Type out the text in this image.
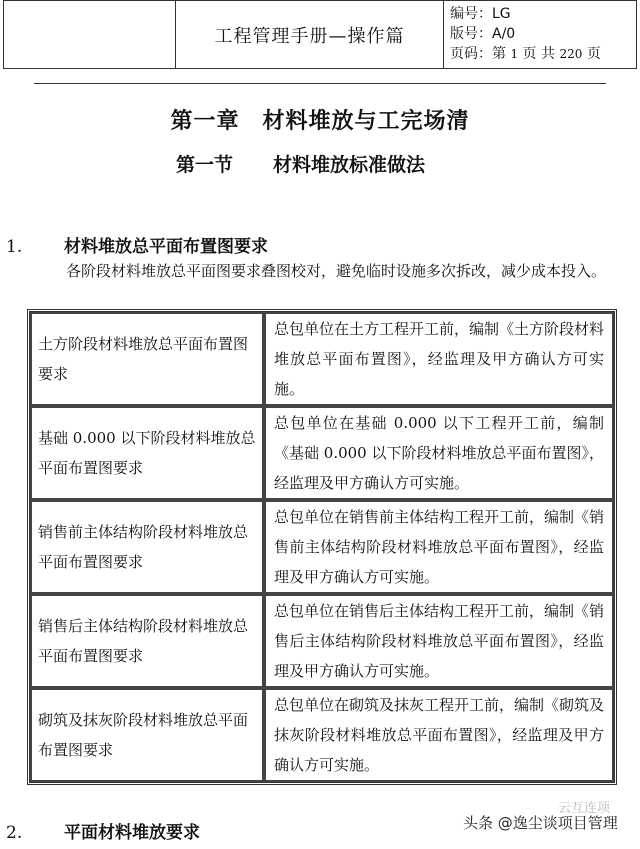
工程管理手册—操作篇
编号：LG
版号：A/0
页码：第 1 页 共 220 页
第一章　材料堆放与工完场清
第一节 材料堆放标准做法
1. 材料堆放总平面布置图要求

各阶段材料堆放总平面图要求叠图校对，避免临时设施多次拆改，减少成本投入。

土方阶段材料堆放总平面布置图要求	总包单位在土方工程开工前，编制《土方阶段材料堆放总平面布置图》，经监理及甲方确认方可实施。
基础 0.000 以下阶段材料堆放总平面布置图要求	总包单位在基础 0.000 以下工程开工前，编制《基础 0.000 以下阶段材料堆放总平面布置图》，经监理及甲方确认方可实施。
销售前主体结构阶段材料堆放总平面布置图要求	总包单位在销售前主体结构工程开工前，编制《销售前主体结构阶段材料堆放总平面布置图》，经监理及甲方确认方可实施。
销售后主体结构阶段材料堆放总平面布置图要求	总包单位在销售后主体结构工程开工前，编制《销售后主体结构阶段材料堆放总平面布置图》，经监理及甲方确认方可实施。
砌筑及抹灰阶段材料堆放总平面布置图要求	总包单位在砌筑及抹灰工程开工前，编制《砌筑及抹灰阶段材料堆放总平面布置图》，经监理及甲方确认方可实施。
2. 平面材料堆放要求
云互连项
头条 @逸尘谈项目管理
